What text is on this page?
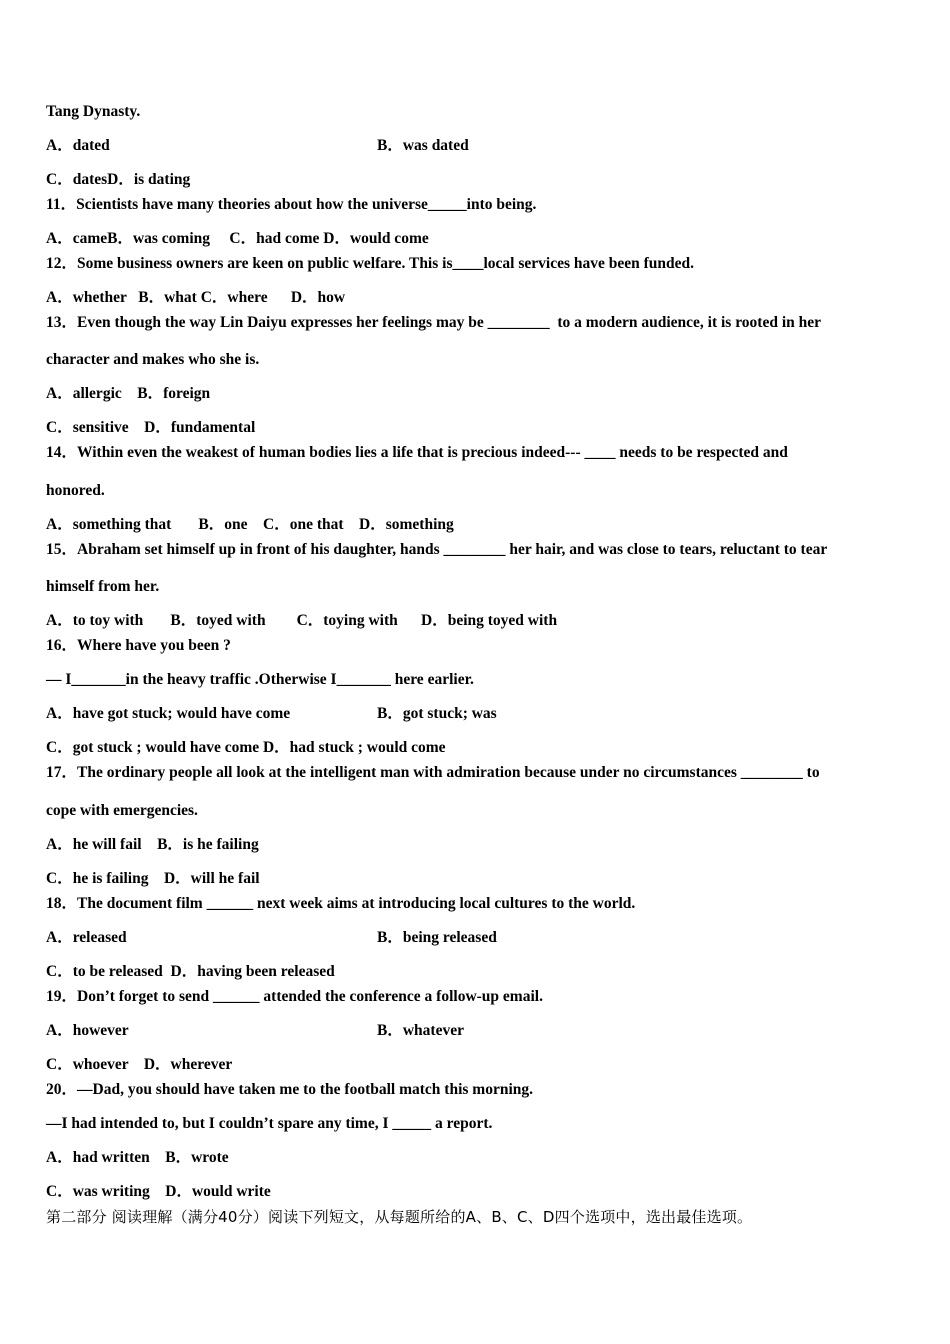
Tang Dynasty.

A．dated	B．was dated

C．datesD．is dating

11．Scientists have many theories about how the universe_____into being.

A．cameB．was coming     C．had come D．would come

12．Some business owners are keen on public welfare. This is____local services have been funded.

A．whether   B．what C．where      D．how

13．Even though the way Lin Daiyu expresses her feelings may be ________  to a modern audience, it is rooted in her

character and makes who she is.

A．allergic    B．foreign

C．sensitive    D．fundamental

14．Within even the weakest of human bodies lies a life that is precious indeed--- ____ needs to be respected and

honored.

A．something that       B．one    C．one that    D．something

15．Abraham set himself up in front of his daughter, hands ________ her hair, and was close to tears, reluctant to tear

himself from her.

A．to toy with       B．toyed with        C．toying with      D．being toyed with

16．Where have you been ?

— I_______in the heavy traffic .Otherwise I_______ here earlier.

A．have got stuck; would have come	B．got stuck; was

C．got stuck ; would have come D．had stuck ; would come

17．The ordinary people all look at the intelligent man with admiration because under no circumstances ________ to

cope with emergencies.

A．he will fail    B．is he failing

C．he is failing    D．will he fail

18．The document film ______ next week aims at introducing local cultures to the world.

A．released	B．being released

C．to be released  D．having been released

19．Don’t forget to send ______ attended the conference a follow-up email.

A．however	B．whatever

C．whoever    D．wherever

20．—Dad, you should have taken me to the football match this morning.

—I had intended to, but I couldn’t spare any time, I _____ a report.

A．had written    B．wrote

C．was writing    D．would write

第二部分 阅读理解（满分40分）阅读下列短文，从每题所给的A、B、C、D四个选项中，选出最佳选项。
